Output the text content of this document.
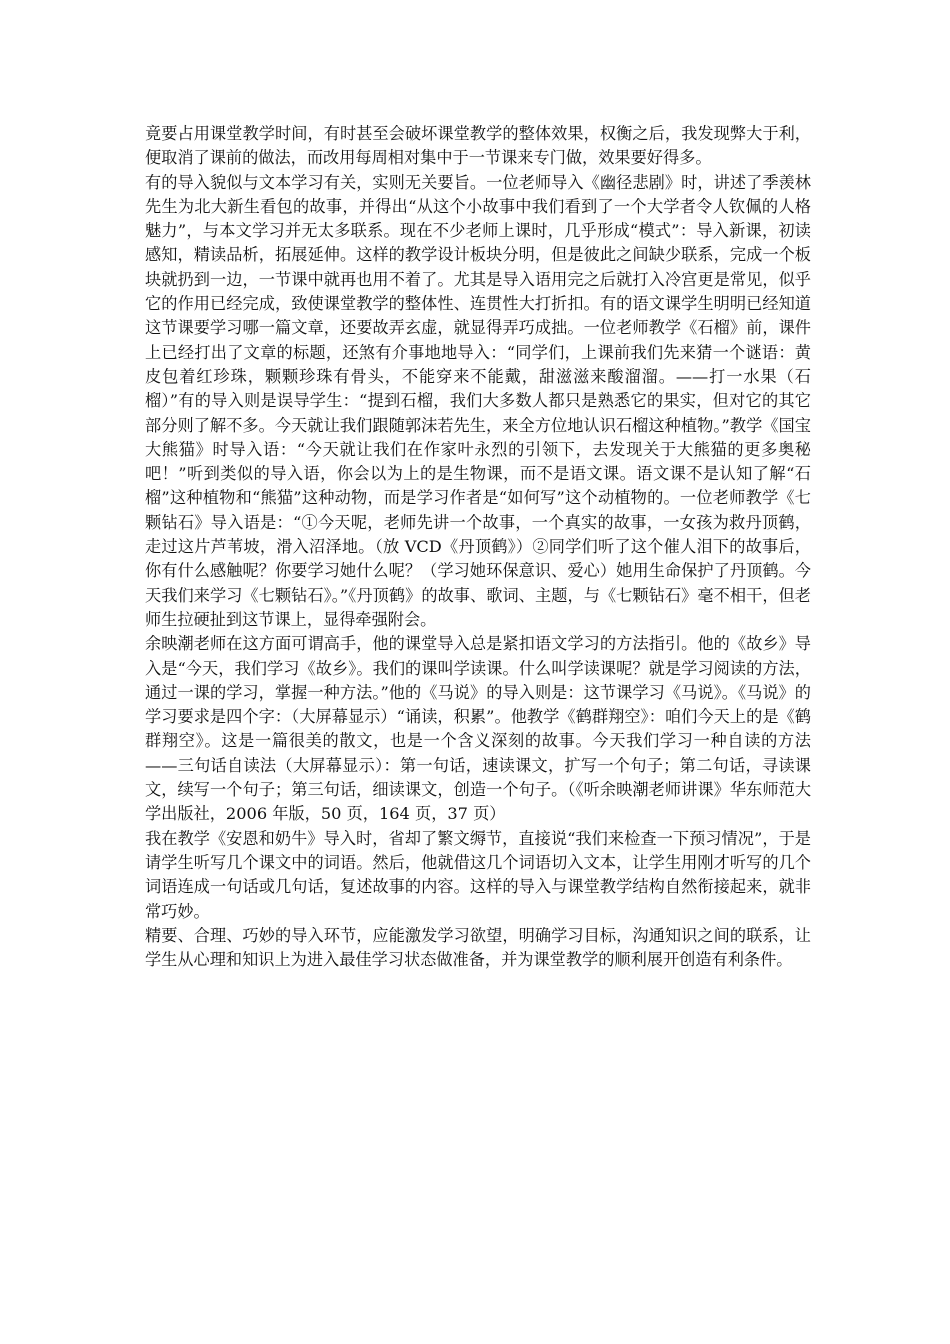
竟要占用课堂教学时间，有时甚至会破坏课堂教学的整体效果，权衡之后，我发现弊大于利，便取消了课前的做法，而改用每周相对集中于一节课来专门做，效果要好得多。

有的导入貌似与文本学习有关，实则无关要旨。一位老师导入《幽径悲剧》时，讲述了季羡林先生为北大新生看包的故事，并得出“从这个小故事中我们看到了一个大学者令人钦佩的人格魅力”，与本文学习并无太多联系。现在不少老师上课时，几乎形成“模式”：导入新课，初读感知，精读品析，拓展延伸。这样的教学设计板块分明，但是彼此之间缺少联系，完成一个板块就扔到一边，一节课中就再也用不着了。尤其是导入语用完之后就打入冷宫更是常见，似乎它的作用已经完成，致使课堂教学的整体性、连贯性大打折扣。有的语文课学生明明已经知道这节课要学习哪一篇文章，还要故弄玄虚，就显得弄巧成拙。一位老师教学《石榴》前，课件上已经打出了文章的标题，还煞有介事地地导入：“同学们，上课前我们先来猜一个谜语：黄皮包着红珍珠，颗颗珍珠有骨头，不能穿来不能戴，甜滋滋来酸溜溜。——打一水果（石榴）”有的导入则是误导学生：“提到石榴，我们大多数人都只是熟悉它的果实，但对它的其它部分则了解不多。今天就让我们跟随郭沫若先生，来全方位地认识石榴这种植物。”教学《国宝大熊猫》时导入语：“今天就让我们在作家叶永烈的引领下，去发现关于大熊猫的更多奥秘吧！”听到类似的导入语，你会以为上的是生物课，而不是语文课。语文课不是认知了解“石榴”这种植物和“熊猫”这种动物，而是学习作者是“如何写”这个动植物的。一位老师教学《七颗钻石》导入语是：“①今天呢，老师先讲一个故事，一个真实的故事，一女孩为救丹顶鹤，走过这片芦苇坡，滑入沼泽地。（放 VCD《丹顶鹤》）②同学们听了这个催人泪下的故事后，你有什么感触呢？你要学习她什么呢？（学习她环保意识、爱心）她用生命保护了丹顶鹤。今天我们来学习《七颗钻石》。”《丹顶鹤》的故事、歌词、主题，与《七颗钻石》毫不相干，但老师生拉硬扯到这节课上，显得牵强附会。

余映潮老师在这方面可谓高手，他的课堂导入总是紧扣语文学习的方法指引。他的《故乡》导入是“今天，我们学习《故乡》。我们的课叫学读课。什么叫学读课呢？就是学习阅读的方法，通过一课的学习，掌握一种方法。”他的《马说》的导入则是：这节课学习《马说》。《马说》的学习要求是四个字：（大屏幕显示）“诵读，积累”。他教学《鹤群翔空》：咱们今天上的是《鹤群翔空》。这是一篇很美的散文，也是一个含义深刻的故事。今天我们学习一种自读的方法——三句话自读法（大屏幕显示）：第一句话，速读课文，扩写一个句子；第二句话，寻读课文，续写一个句子；第三句话，细读课文，创造一个句子。（《听余映潮老师讲课》华东师范大学出版社，2006 年版，50 页，164 页，37 页）

我在教学《安恩和奶牛》导入时，省却了繁文缛节，直接说“我们来检查一下预习情况”，于是请学生听写几个课文中的词语。然后，他就借这几个词语切入文本，让学生用刚才听写的几个词语连成一句话或几句话，复述故事的内容。这样的导入与课堂教学结构自然衔接起来，就非常巧妙。

精要、合理、巧妙的导入环节，应能激发学习欲望，明确学习目标，沟通知识之间的联系，让学生从心理和知识上为进入最佳学习状态做准备，并为课堂教学的顺利展开创造有利条件。
